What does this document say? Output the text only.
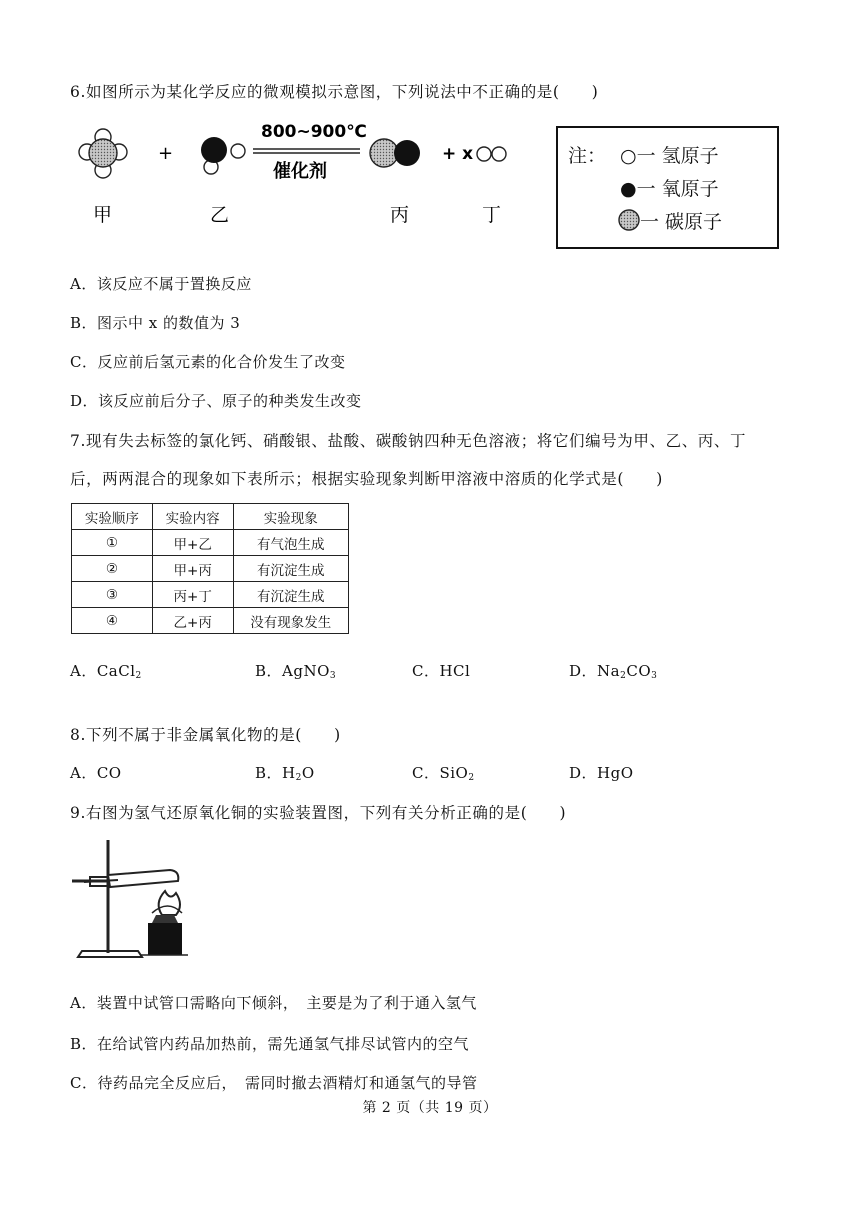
6.如图所示为某化学反应的微观模拟示意图，下列说法中不正确的是(　　)
+
800~900℃
催化剂
+ x
甲	乙	丙	丁
注： ○一 氢原子
●一 氧原子
一 碳原子
A．该反应不属于置换反应
B．图示中 x 的数值为 3
C．反应前后氢元素的化合价发生了改变
D．该反应前后分子、原子的种类发生改变
7.现有失去标签的氯化钙、硝酸银、盐酸、碳酸钠四种无色溶液；将它们编号为甲、乙、丙、丁
后，两两混合的现象如下表所示；根据实验现象判断甲溶液中溶质的化学式是(　　)
实验顺序	实验内容	实验现象
①	甲+乙	有气泡生成
②	甲+丙	有沉淀生成
③	丙+丁	有沉淀生成
④	乙+丙	没有现象发生
A．CaCl$_2$	B．AgNO$_3$	C．HCl	D．$Na_2CO_3$
8.下列不属于非金属氧化物的是(　　)
A．CO	B．$H_2O$	C．SiO$_2$	D．HgO
9.右图为氢气还原氧化铜的实验装置图，下列有关分析正确的是(　　)
A．装置中试管口需略向下倾斜，　主要是为了利于通入氢气
B．在给试管内药品加热前，需先通氢气排尽试管内的空气
C．待药品完全反应后，　需同时撤去酒精灯和通氢气的导管
第 2 页（共 19 页）
